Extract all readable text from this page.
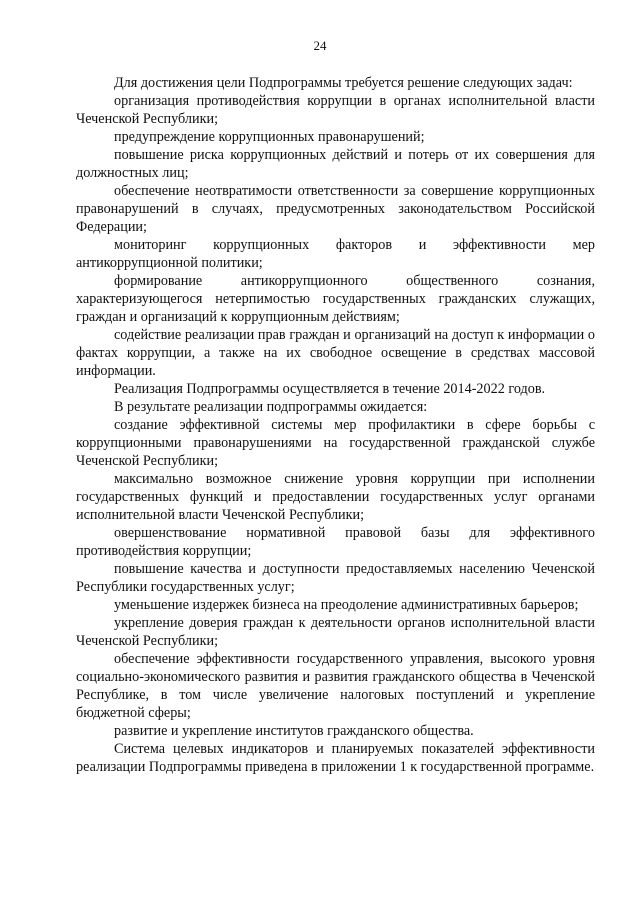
24

Для достижения цели Подпрограммы требуется решение следующих задач:

организация противодействия коррупции в органах исполнительной власти Чеченской Республики;

предупреждение коррупционных правонарушений;

повышение риска коррупционных действий и потерь от их совершения для должностных лиц;

обеспечение неотвратимости ответственности за совершение коррупционных правонарушений в случаях, предусмотренных законодательством Российской Федерации;

мониторинг коррупционных факторов и эффективности мер антикоррупционной политики;

формирование антикоррупционного общественного сознания, характеризующегося нетерпимостью государственных гражданских служащих, граждан и организаций к коррупционным действиям;

содействие реализации прав граждан и организаций на доступ к информации о фактах коррупции, а также на их свободное освещение в средствах массовой информации.

Реализация Подпрограммы осуществляется в течение 2014-2022 годов.

В результате реализации подпрограммы ожидается:

создание эффективной системы мер профилактики в сфере борьбы с коррупционными правонарушениями на государственной гражданской службе Чеченской Республики;

максимально возможное снижение уровня коррупции при исполнении государственных функций и предоставлении государственных услуг органами исполнительной власти Чеченской Республики;

овершенствование нормативной правовой базы для эффективного противодействия коррупции;

повышение качества и доступности предоставляемых населению Чеченской Республики государственных услуг;

уменьшение издержек бизнеса на преодоление административных барьеров;

укрепление доверия граждан к деятельности органов исполнительной власти Чеченской Республики;

обеспечение эффективности государственного управления, высокого уровня социально-экономического развития и развития гражданского общества в Чеченской Республике, в том числе увеличение налоговых поступлений и укрепление бюджетной сферы;

развитие и укрепление институтов гражданского общества.

Система целевых индикаторов и планируемых показателей эффективности реализации Подпрограммы приведена в приложении 1 к государственной программе.
